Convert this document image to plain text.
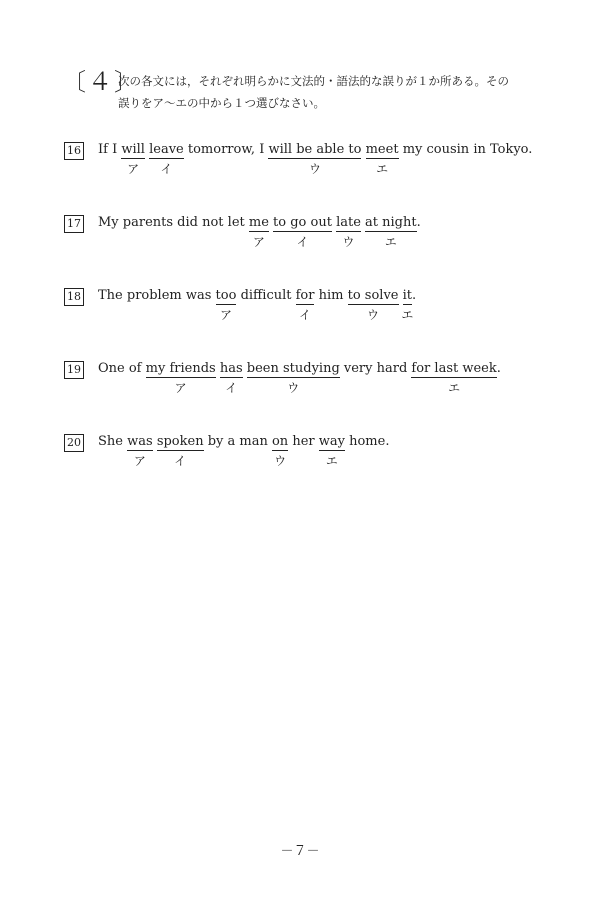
〔４〕
次の各文には，それぞれ明らかに文法的・語法的な誤りが１か所ある。その
誤りをア～エの中から１つ選びなさい。
16 If I will
ア
leave
イ
tomorrow, I will be able to
ウ
meet
エ
my cousin in Tokyo.
17 My parents did not let me
ア
to go out
イ
late
ウ
at night
エ
.
18 The problem was too
ア
difficult for
イ
him to solve
ウ
it
エ
.
19 One of my friends
ア
has
イ
been studying
ウ
very hard for last week
エ
.
20 She was
ア
spoken
イ
by a man on
ウ
her way
エ
home.
－７－
